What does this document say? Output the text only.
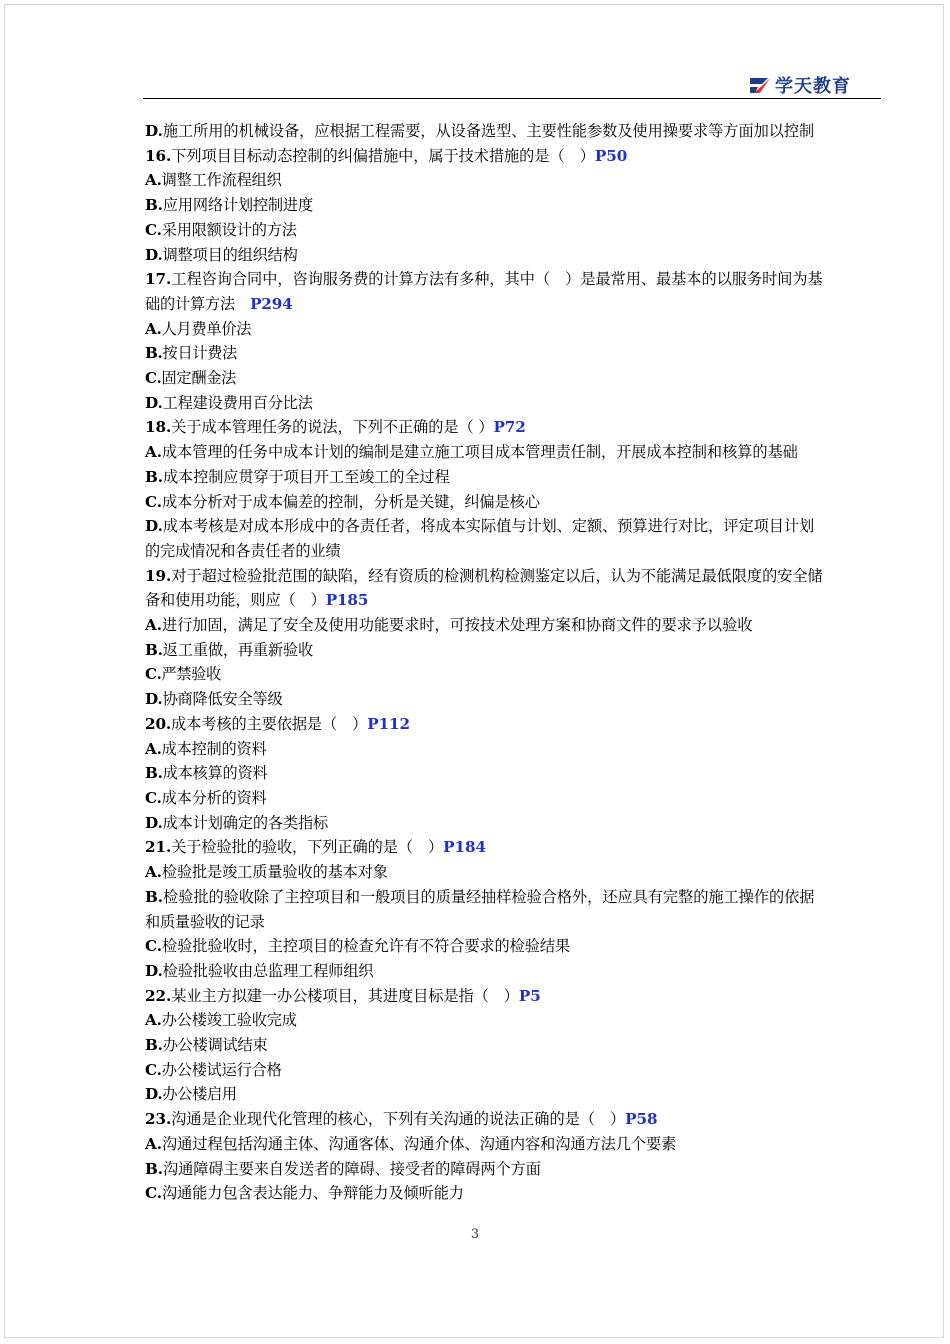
学天教育
D.施工所用的机械设备，应根据工程需要，从设备选型、主要性能参数及使用操要求等方面加以控制
16.下列项目目标动态控制的纠偏措施中，属于技术措施的是（　）P50
A.调整工作流程组织
B.应用网络计划控制进度
C.采用限额设计的方法
D.调整项目的组织结构
17.工程咨询合同中，咨询服务费的计算方法有多种，其中（　）是最常用、最基本的以服务时间为基
础的计算方法　P294
A.人月费单价法
B.按日计费法
C.固定酬金法
D.工程建设费用百分比法
18.关于成本管理任务的说法，下列不正确的是（ ）P72
A.成本管理的任务中成本计划的编制是建立施工项目成本管理责任制，开展成本控制和核算的基础
B.成本控制应贯穿于项目开工至竣工的全过程
C.成本分析对于成本偏差的控制，分析是关键，纠偏是核心
D.成本考核是对成本形成中的各责任者，将成本实际值与计划、定额、预算进行对比，评定项目计划
的完成情况和各责任者的业绩
19.对于超过检验批范围的缺陷，经有资质的检测机构检测鉴定以后，认为不能满足最低限度的安全储
备和使用功能，则应（　）P185
A.进行加固，满足了安全及使用功能要求时，可按技术处理方案和协商文件的要求予以验收
B.返工重做，再重新验收
C.严禁验收
D.协商降低安全等级
20.成本考核的主要依据是（　）P112
A.成本控制的资料
B.成本核算的资料
C.成本分析的资料
D.成本计划确定的各类指标
21.关于检验批的验收，下列正确的是（　）P184
A.检验批是竣工质量验收的基本对象
B.检验批的验收除了主控项目和一般项目的质量经抽样检验合格外，还应具有完整的施工操作的依据
和质量验收的记录
C.检验批验收时，主控项目的检查允许有不符合要求的检验结果
D.检验批验收由总监理工程师组织
22.某业主方拟建一办公楼项目，其进度目标是指（　）P5
A.办公楼竣工验收完成
B.办公楼调试结束
C.办公楼试运行合格
D.办公楼启用
23.沟通是企业现代化管理的核心，下列有关沟通的说法正确的是（　）P58
A.沟通过程包括沟通主体、沟通客体、沟通介体、沟通内容和沟通方法几个要素
B.沟通障碍主要来自发送者的障碍、接受者的障碍两个方面
C.沟通能力包含表达能力、争辩能力及倾听能力
3
